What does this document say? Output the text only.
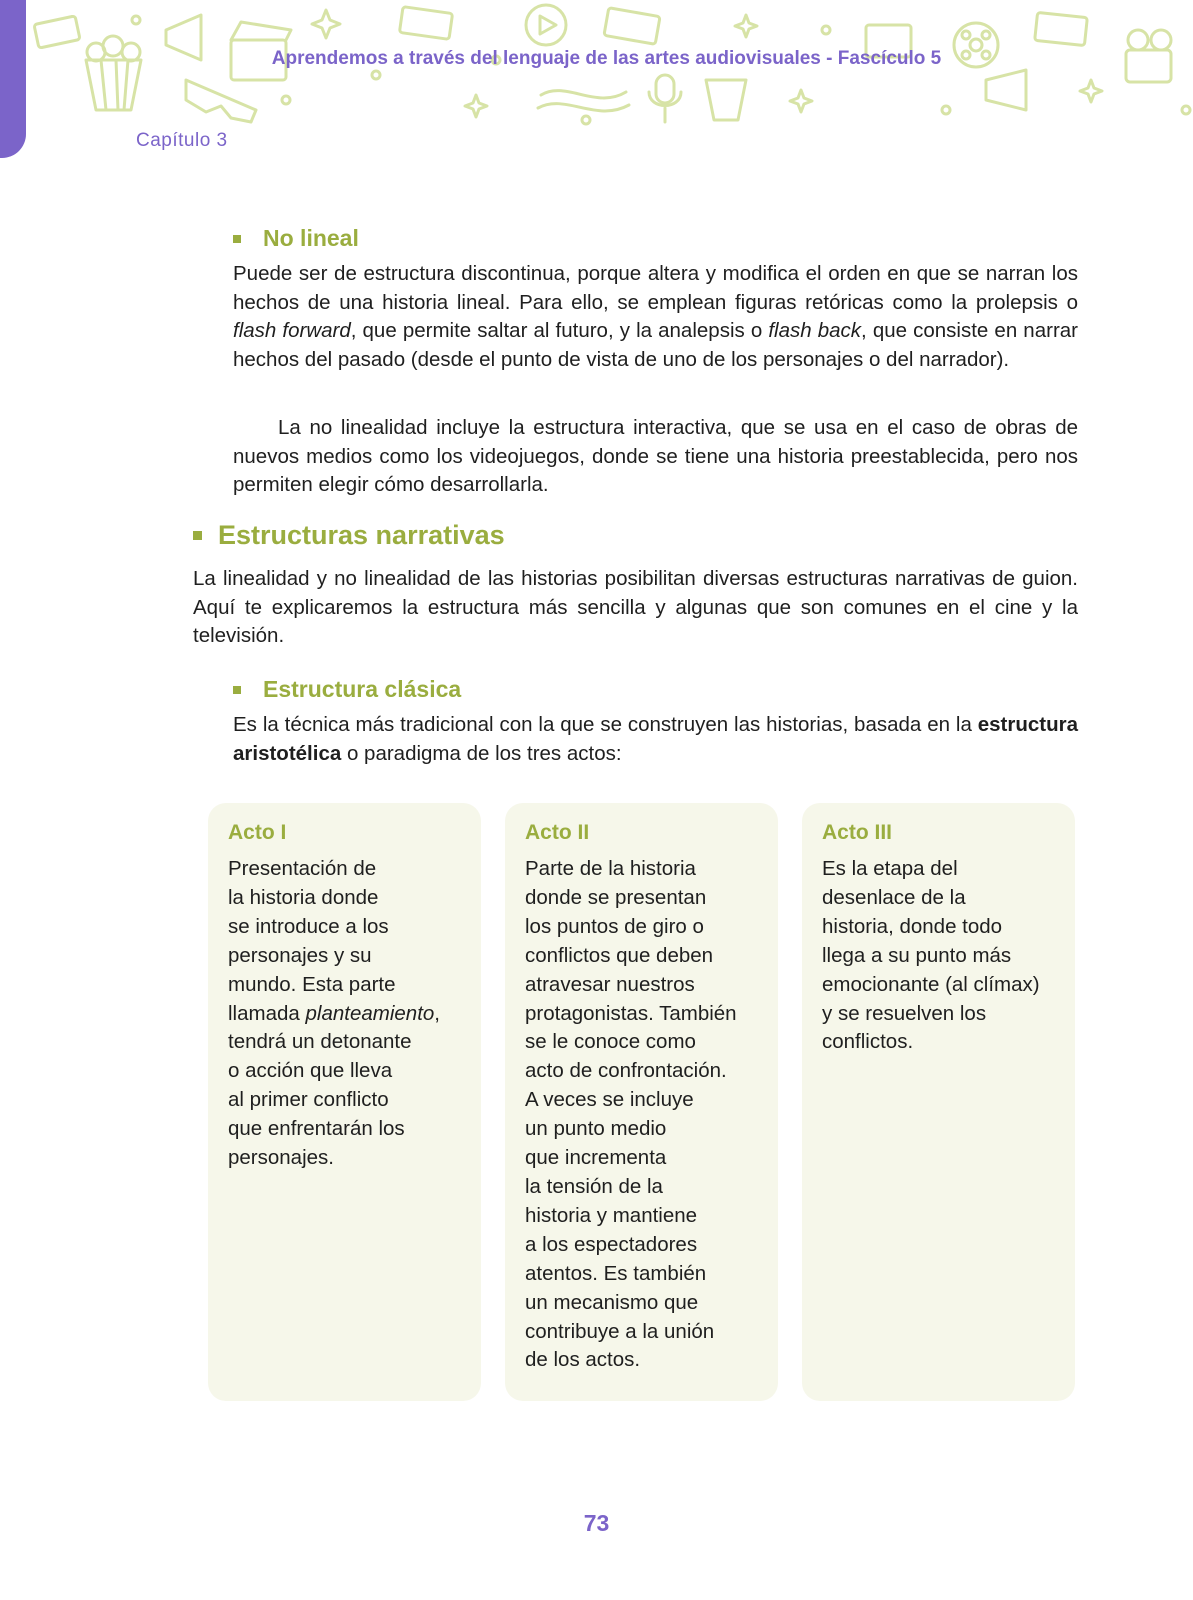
Aprendemos a través del lenguaje de las artes audiovisuales - Fascículo 5
Capítulo 3
No lineal

Puede ser de estructura discontinua, porque altera y modifica el orden en que se narran los hechos de una historia lineal. Para ello, se emplean figuras retóricas como la prolepsis o flash forward, que permite saltar al futuro, y la analepsis o flash back, que consiste en narrar hechos del pasado (desde el punto de vista de uno de los personajes o del narrador).

La no linealidad incluye la estructura interactiva, que se usa en el caso de obras de nuevos medios como los videojuegos, donde se tiene una historia preestablecida, pero nos permiten elegir cómo desarrollarla.

Estructuras narrativas

La linealidad y no linealidad de las historias posibilitan diversas estructuras narrativas de guion. Aquí te explicaremos la estructura más sencilla y algunas que son comunes en el cine y la televisión.

Estructura clásica

Es la técnica más tradicional con la que se construyen las historias, basada en la estructura aristotélica o paradigma de los tres actos:

Acto I
Presentación de
la historia donde
se introduce a los
personajes y su
mundo. Esta parte
llamada planteamiento,
tendrá un detonante
o acción que lleva
al primer conflicto
que enfrentarán los
personajes.
Acto II
Parte de la historia
donde se presentan
los puntos de giro o
conflictos que deben
atravesar nuestros
protagonistas. También
se le conoce como
acto de confrontación.
A veces se incluye
un punto medio
que incrementa
la tensión de la
historia y mantiene
a los espectadores
atentos. Es también
un mecanismo que
contribuye a la unión
de los actos.
Acto III
Es la etapa del
desenlace de la
historia, donde todo
llega a su punto más
emocionante (al clímax)
y se resuelven los
conflictos.
73
